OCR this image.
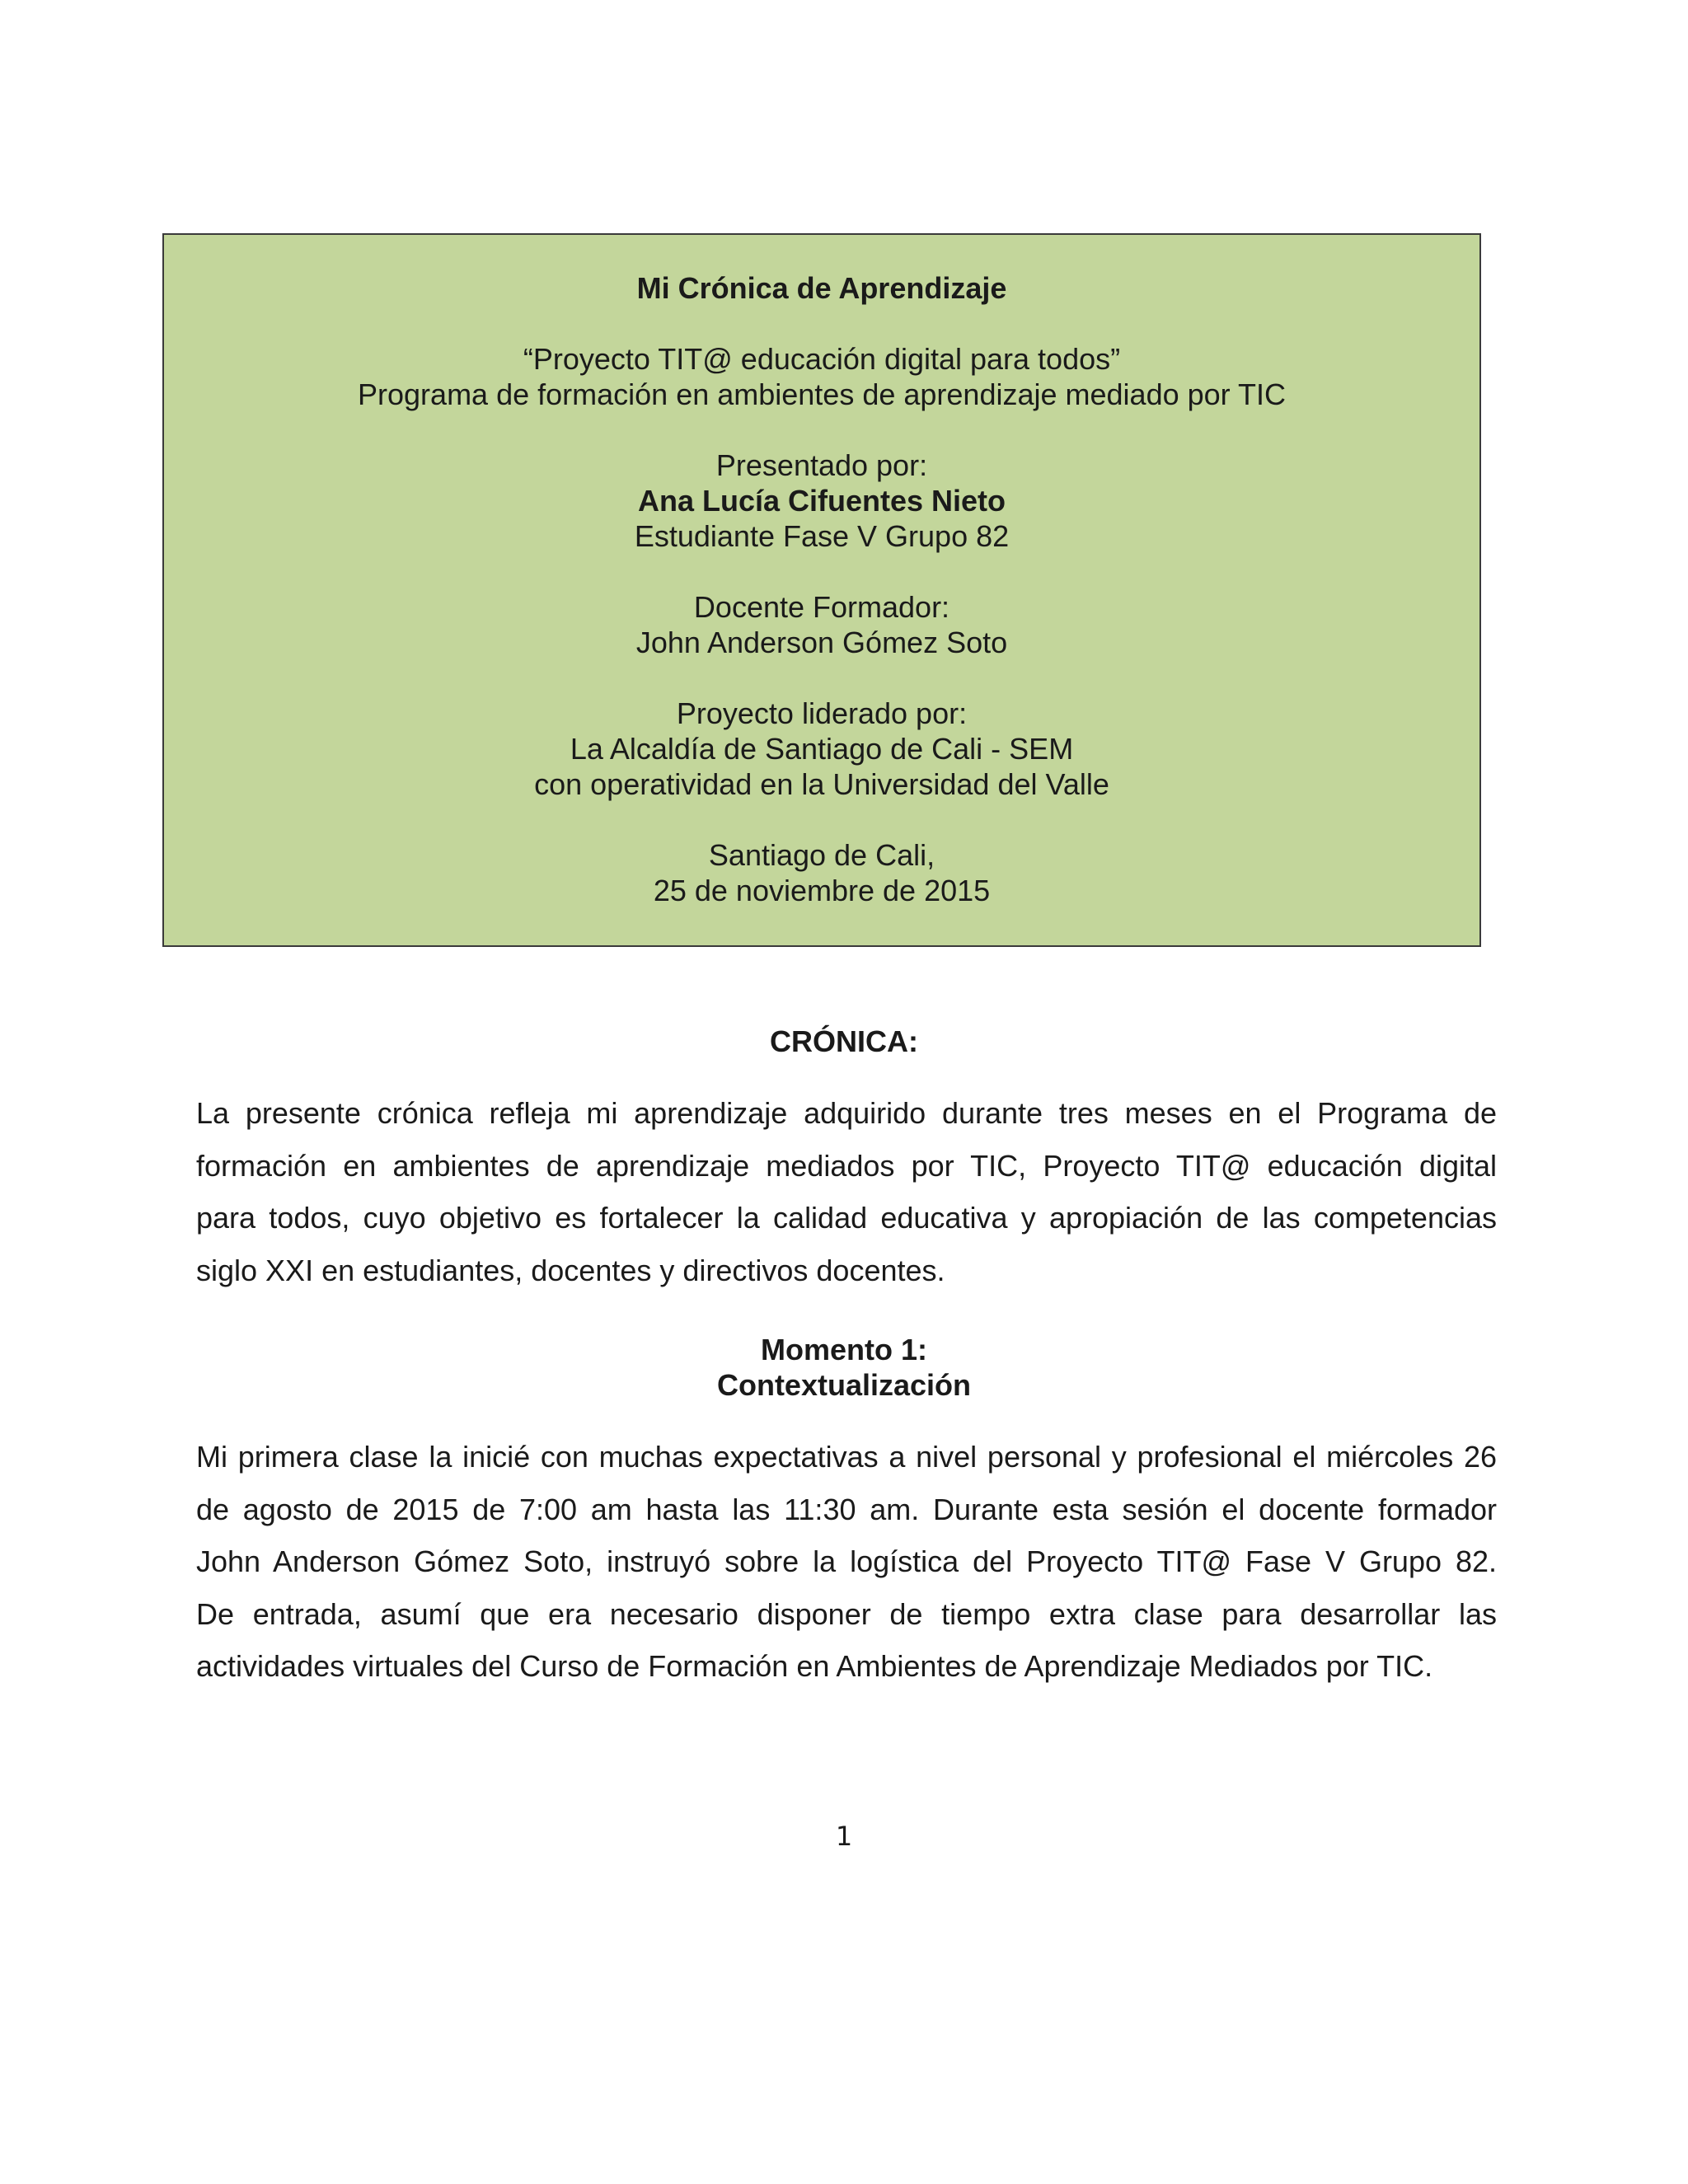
Mi Crónica de Aprendizaje
“Proyecto TIT@ educación digital para todos”
Programa de formación en ambientes de aprendizaje mediado por TIC
Presentado por:
Ana Lucía Cifuentes Nieto
Estudiante Fase V Grupo 82
Docente Formador:
John Anderson Gómez Soto
Proyecto liderado por:
La Alcaldía de Santiago de Cali - SEM
con operatividad en la Universidad del Valle
Santiago de Cali,
25 de noviembre de 2015
CRÓNICA:
La presente crónica refleja mi aprendizaje adquirido durante tres meses en el Programa de
formación en ambientes de aprendizaje mediados por TIC, Proyecto TIT@ educación digital
para todos, cuyo objetivo es fortalecer la calidad educativa y apropiación de las competencias
siglo XXI en estudiantes, docentes y directivos docentes.
Momento 1:
Contextualización
Mi primera clase la inicié con muchas expectativas a nivel personal y profesional el miércoles 26
de agosto de 2015 de 7:00 am hasta las 11:30 am. Durante esta sesión el docente formador
John Anderson Gómez Soto, instruyó sobre la logística del Proyecto TIT@ Fase V Grupo 82.
De entrada, asumí que era necesario disponer de tiempo extra clase para desarrollar las
actividades virtuales del Curso de Formación en Ambientes de Aprendizaje Mediados por TIC.
1
